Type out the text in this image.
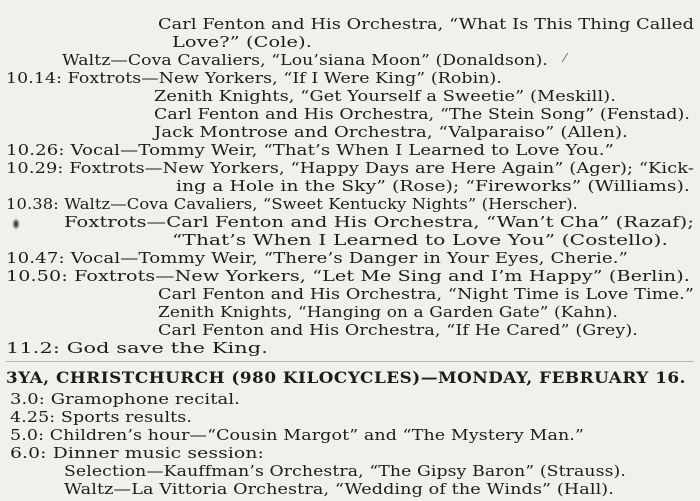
Carl Fenton and His Orchestra, “What Is This Thing Called

Love?” (Cole).

Waltz—Cova Cavaliers, “Lou’siana Moon” (Donaldson).

10.14: Foxtrots—New Yorkers, “If I Were King” (Robin).

Zenith Knights, “Get Yourself a Sweetie” (Meskill).

Carl Fenton and His Orchestra, “The Stein Song” (Fenstad).

Jack Montrose and Orchestra, “Valparaiso” (Allen).

10.26: Vocal—Tommy Weir, “That’s When I Learned to Love You.”

10.29: Foxtrots—New Yorkers, “Happy Days are Here Again” (Ager); “Kick-

ing a Hole in the Sky” (Rose); “Fireworks” (Williams).

10.38: Waltz—Cova Cavaliers, “Sweet Kentucky Nights” (Herscher).

Foxtrots—Carl Fenton and His Orchestra, “Wan’t Cha” (Razaf);

“That’s When I Learned to Love You” (Costello).

10.47: Vocal—Tommy Weir, “There’s Danger in Your Eyes, Cherie.”

10.50: Foxtrots—New Yorkers, “Let Me Sing and I’m Happy” (Berlin).

Carl Fenton and His Orchestra, “Night Time is Love Time.”

Zenith Knights, “Hanging on a Garden Gate” (Kahn).

Carl Fenton and His Orchestra, “If He Cared” (Grey).

11.2: God save the King.

3YA, CHRISTCHURCH (980 KILOCYCLES)—MONDAY, FEBRUARY 16.

3.0: Gramophone recital.

4.25: Sports results.

5.0: Children’s hour—“Cousin Margot” and “The Mystery Man.”

6.0: Dinner music session:

Selection—Kauffman’s Orchestra, “The Gipsy Baron” (Strauss).

Waltz—La Vittoria Orchestra, “Wedding of the Winds” (Hall).

⁄
